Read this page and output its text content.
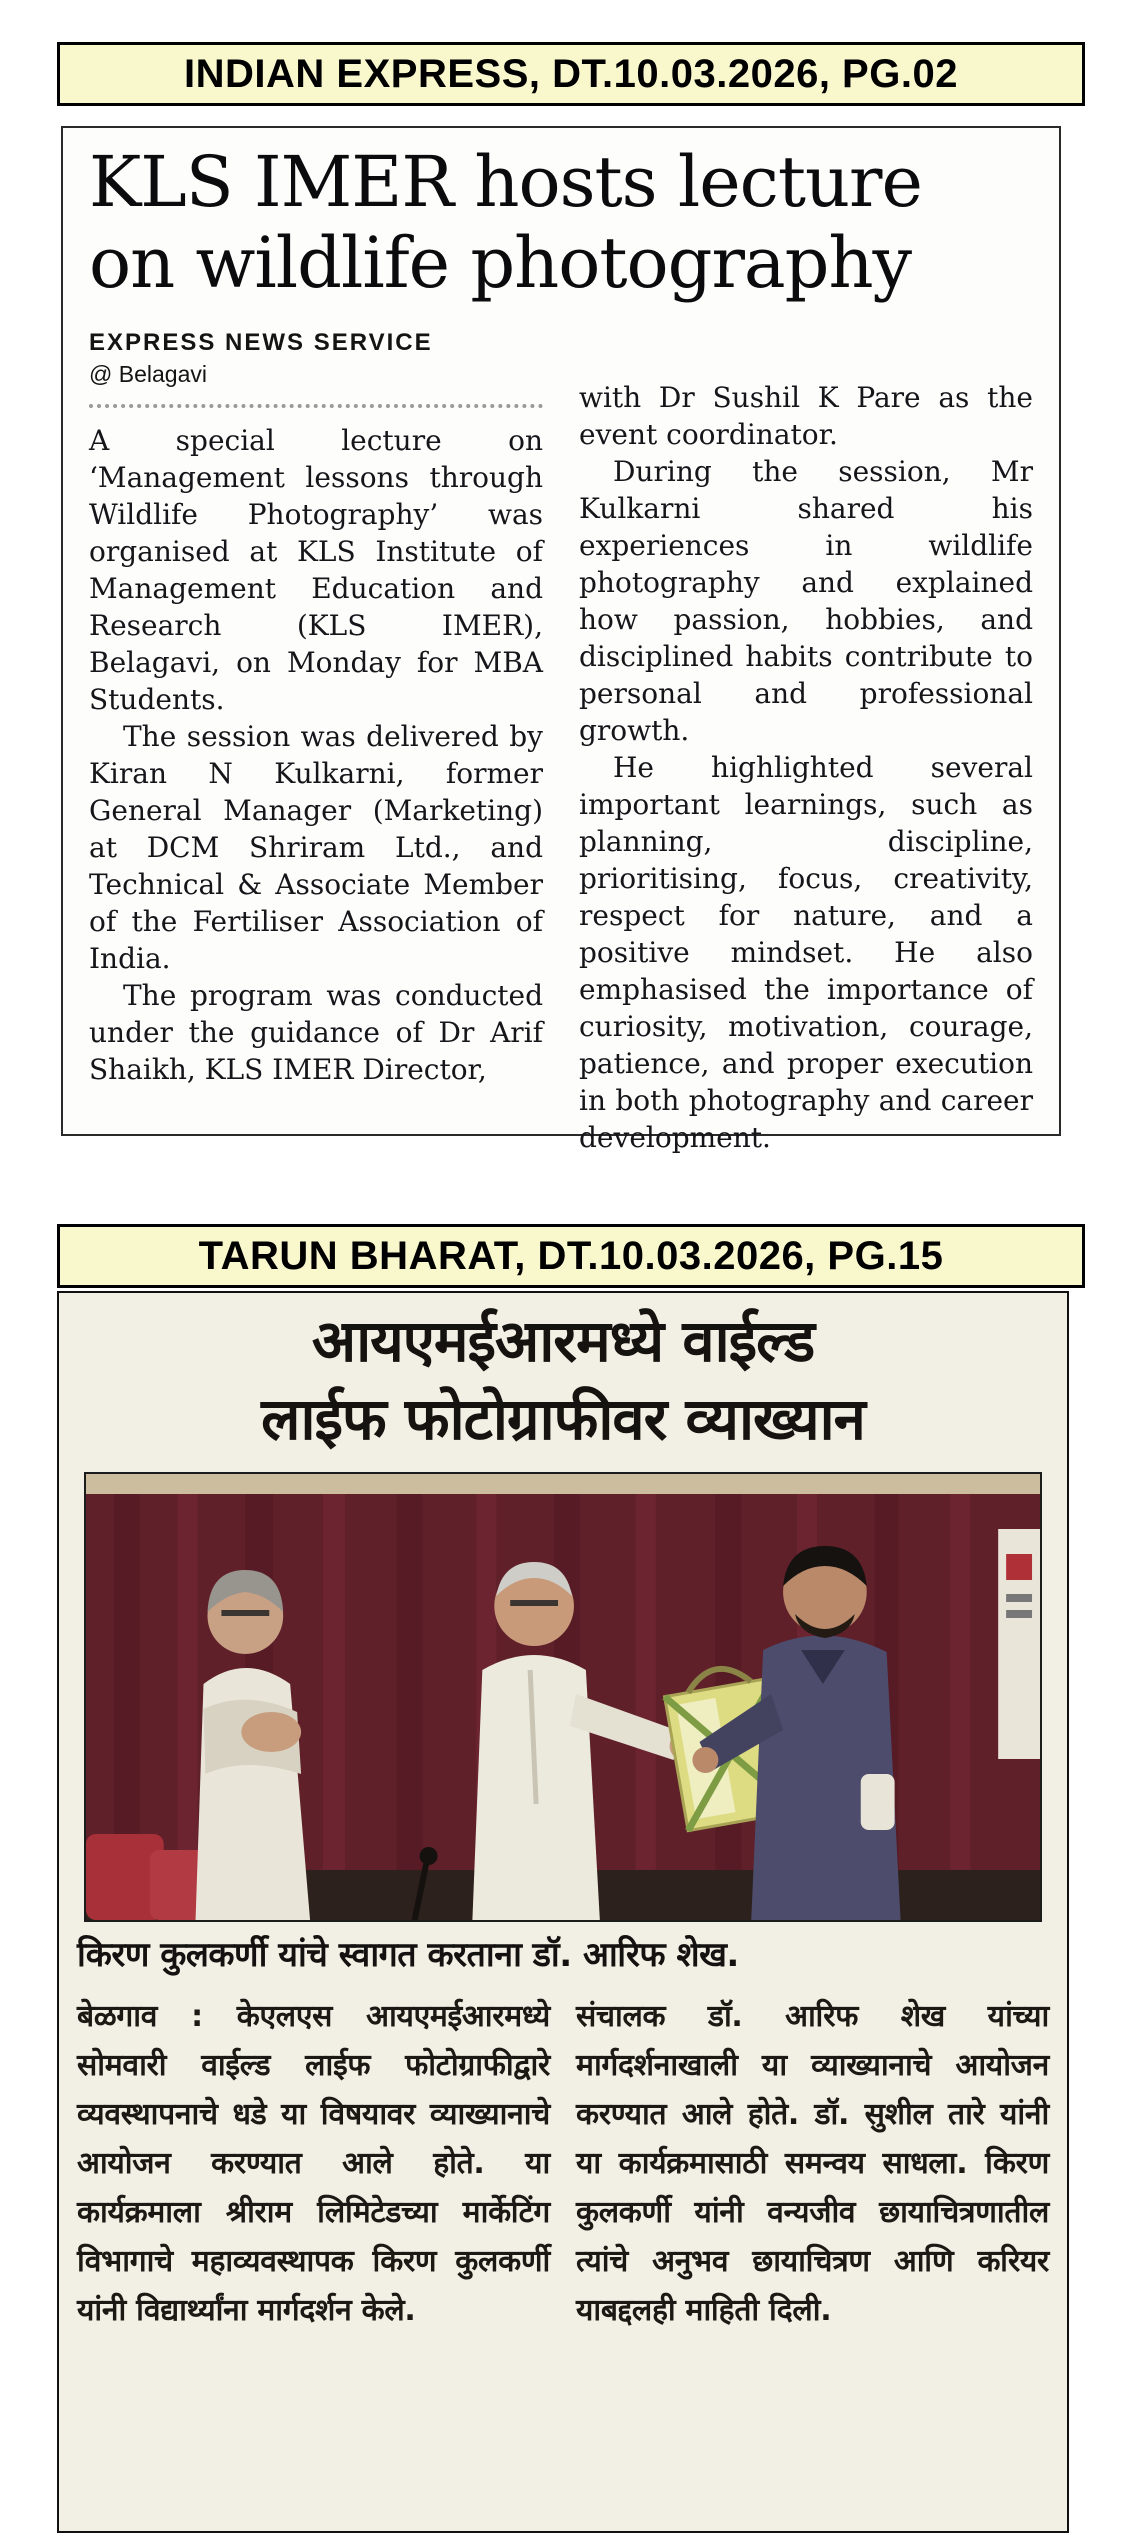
INDIAN EXPRESS, DT.10.03.2026, PG.02
KLS IMER hosts lecture
on wildlife photography
EXPRESS NEWS SERVICE
@ Belagavi

A special lecture on ‘Management lessons through Wildlife Photography’ was organised at KLS Institute of Management Education and Research (KLS IMER), Belagavi, on Monday for MBA Students.

The session was delivered by Kiran N Kulkarni, former General Manager (Marketing) at DCM Shriram Ltd., and Technical & Associate Member of the Fertiliser Association of India.

The program was conducted under the guidance of Dr Arif Shaikh, KLS IMER Director,

with Dr Sushil K Pare as the event coordinator.

During the session, Mr Kulkarni shared his experiences in wildlife photography and explained how passion, hobbies, and disciplined habits contribute to personal and professional growth.

He highlighted several important learnings, such as planning, discipline, prioritising, focus, creativity, respect for nature, and a positive mindset. He also emphasised the importance of curiosity, motivation, courage, patience, and proper execution in both photography and career development.

TARUN BHARAT, DT.10.03.2026, PG.15
आयएमईआरमध्ये वाईल्ड
लाईफ फोटोग्राफीवर व्याख्यान
किरण कुलकर्णी यांचे स्वागत करताना डॉ. आरिफ शेख.

बेळगाव : केएलएस आयएमईआरमध्ये सोमवारी वाईल्ड लाईफ फोटोग्राफीद्वारे व्यवस्थापनाचे धडे या विषयावर व्याख्यानाचे आयोजन करण्यात आले होते. या कार्यक्रमाला श्रीराम लिमिटेडच्या मार्केटिंग विभागाचे महाव्यवस्थापक किरण कुलकर्णी यांनी विद्यार्थ्यांना मार्गदर्शन केले.

संचालक डॉ. आरिफ शेख यांच्या मार्गदर्शनाखाली या व्याख्यानाचे आयोजन करण्यात आले होते. डॉ. सुशील तारे यांनी या कार्यक्रमासाठी समन्वय साधला. किरण कुलकर्णी यांनी वन्यजीव छायाचित्रणातील त्यांचे अनुभव छायाचित्रण आणि करियर याबद्दलही माहिती दिली.
